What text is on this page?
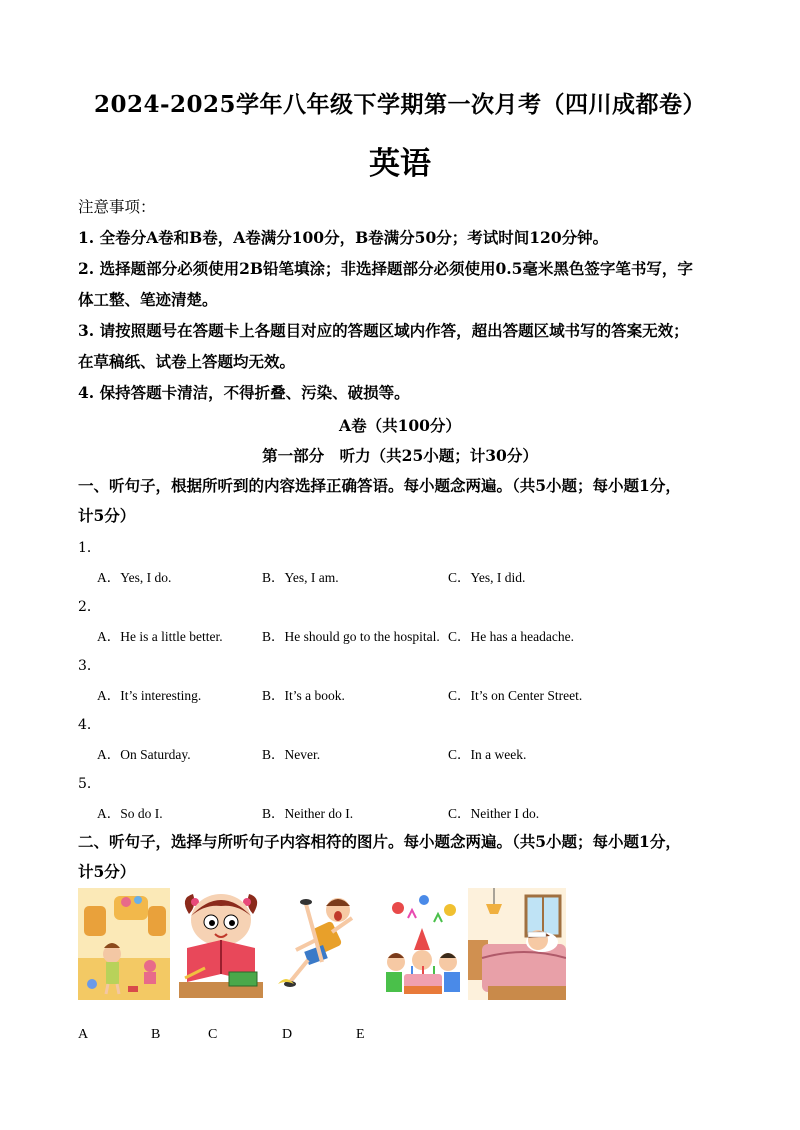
2024-2025学年八年级下学期第一次月考（四川成都卷）
英语
注意事项：
1. 全卷分A卷和B卷，A卷满分100分，B卷满分50分；考试时间120分钟。
2. 选择题部分必须使用2B铅笔填涂；非选择题部分必须使用0.5毫米黑色签字笔书写，字
体工整、笔迹清楚。
3. 请按照题号在答题卡上各题目对应的答题区域内作答，超出答题区域书写的答案无效；
在草稿纸、试卷上答题均无效。
4. 保持答题卡清洁，不得折叠、污染、破损等。
A卷（共100分）
第一部分　听力（共25小题；计30分）
一、听句子，根据所听到的内容选择正确答语。每小题念两遍。（共5小题；每小题1分，
计5分）
1．
A．Yes, I do.	B．Yes, I am.	C．Yes, I did.
2．
A．He is a little better.	B．He should go to the hospital. C．He has a headache.
3．
A．It’s interesting.	B．It’s a book.	C．It’s on Center Street.
4．
A．On Saturday.	B．Never.	C．In a week.
5．
A．So do I.	B．Neither do I.	C．Neither I do.
二、听句子，选择与所听句子内容相符的图片。每小题念两遍。（共5小题；每小题1分，
计5分）
A	B	C	D	E
